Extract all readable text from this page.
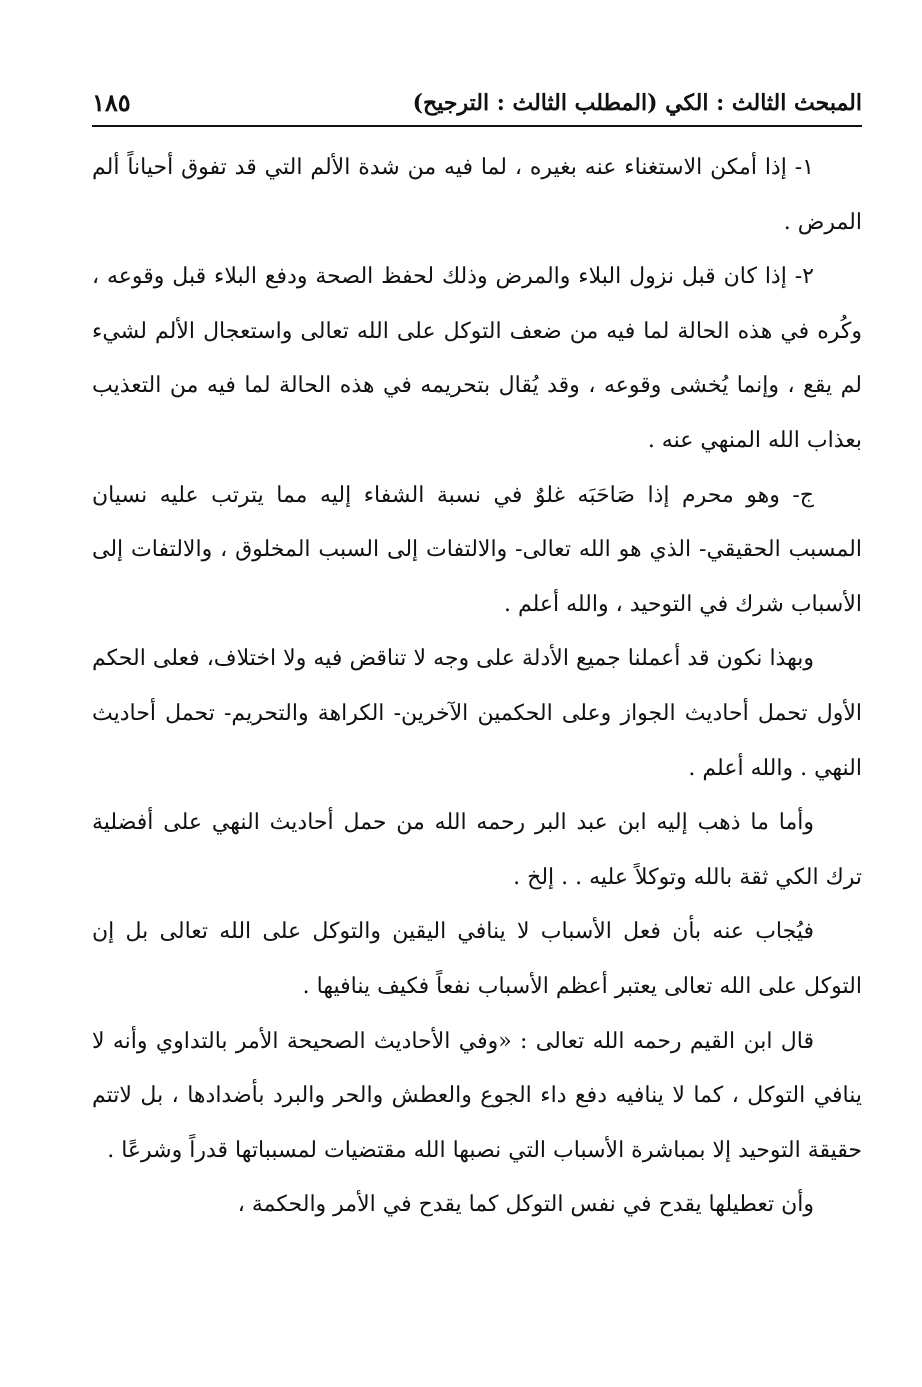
المبحث الثالث : الكي (المطلب الثالث : الترجيح)
١٨٥

١- إذا أمكن الاستغناء عنه بغيره ، لما فيه من شدة الألم التي قد تفوق أحياناً ألم المرض .

٢- إذا كان قبل نزول البلاء والمرض وذلك لحفظ الصحة ودفع البلاء قبل وقوعه ، وكُره في هذه الحالة لما فيه من ضعف التوكل على الله تعالى واستعجال الألم لشيء لم يقع ، وإنما يُخشى وقوعه ، وقد يُقال بتحريمه في هذه الحالة لما فيه من التعذيب بعذاب الله المنهي عنه .

ج- وهو محرم إذا صَاحَبَه غلوٌ في نسبة الشفاء إليه مما يترتب عليه نسيان المسبب الحقيقي- الذي هو الله تعالى- والالتفات إلى السبب المخلوق ، والالتفات إلى الأسباب شرك في التوحيد ، والله أعلم .

وبهذا نكون قد أعملنا جميع الأدلة على وجه لا تناقض فيه ولا اختلاف، فعلى الحكم الأول تحمل أحاديث الجواز وعلى الحكمين الآخرين- الكراهة والتحريم- تحمل أحاديث النهي . والله أعلم .

وأما ما ذهب إليه ابن عبد البر رحمه الله من حمل أحاديث النهي على أفضلية ترك الكي ثقة بالله وتوكلاً عليه . . إلخ .

فيُجاب عنه بأن فعل الأسباب لا ينافي اليقين والتوكل على الله تعالى بل إن التوكل على الله تعالى يعتبر أعظم الأسباب نفعاً فكيف ينافيها .

قال ابن القيم رحمه الله تعالى : «وفي الأحاديث الصحيحة الأمر بالتداوي وأنه لا ينافي التوكل ، كما لا ينافيه دفع داء الجوع والعطش والحر والبرد بأضدادها ، بل لاتتم حقيقة التوحيد إلا بمباشرة الأسباب التي نصبها الله مقتضيات لمسبباتها قدراً وشرعًا .

وأن تعطيلها يقدح في نفس التوكل كما يقدح في الأمر والحكمة ،
